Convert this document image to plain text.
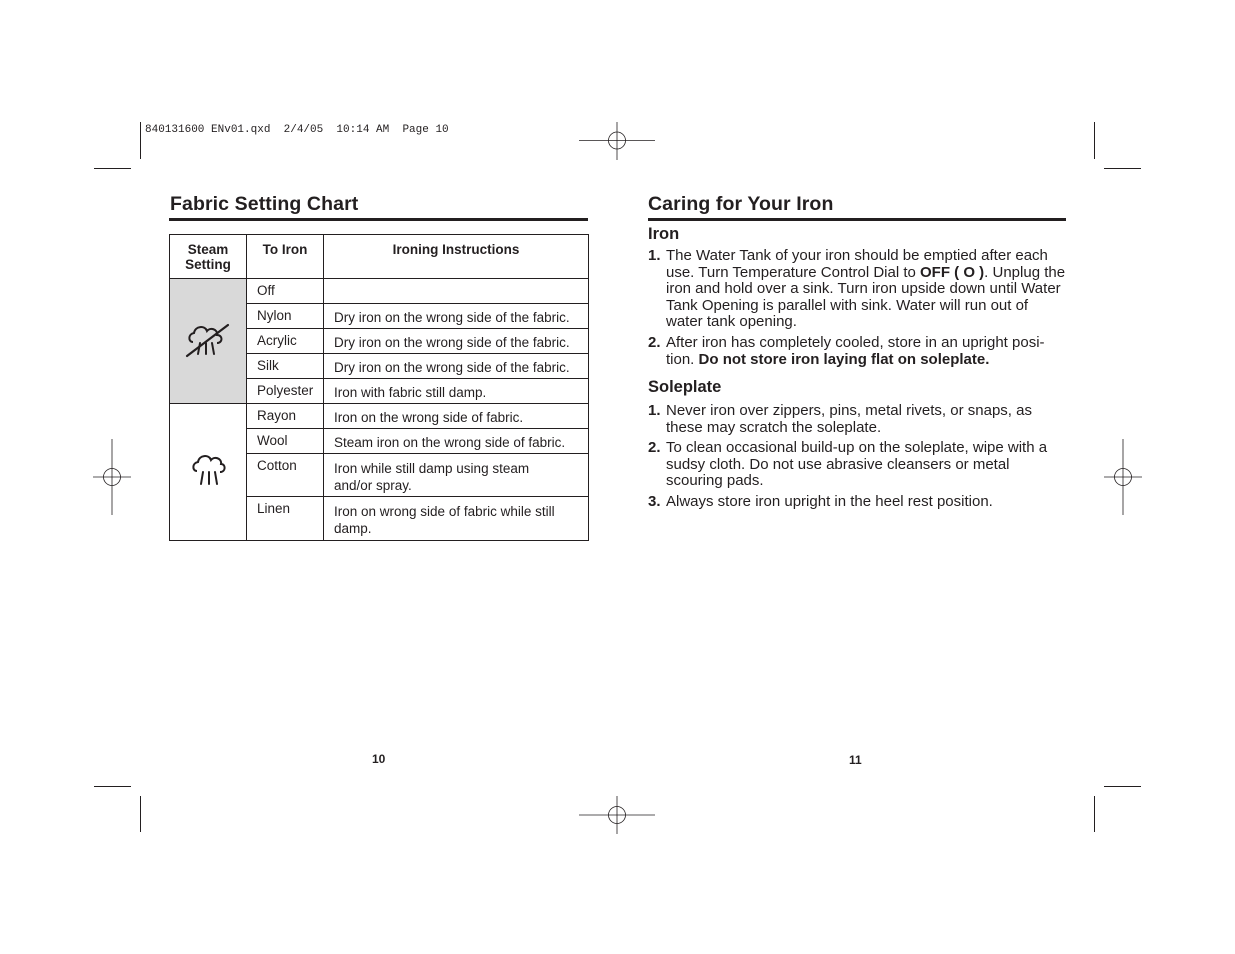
840131600 ENv01.qxd  2/4/05  10:14 AM  Page 10
Fabric Setting Chart
Steam Setting	To Iron	Ironing Instructions
	Off	
	Nylon	Dry iron on the wrong side of the fabric.
	Acrylic	Dry iron on the wrong side of the fabric.
	Silk	Dry iron on the wrong side of the fabric.
	Polyester	Iron with fabric still damp.
	Rayon	Iron on the wrong side of fabric.
	Wool	Steam iron on the wrong side of fabric.
	Cotton	Iron while still damp using steam and/or spray.
	Linen	Iron on wrong side of fabric while still damp.
10
Caring for Your Iron
Iron
1. The Water Tank of your iron should be emptied after each use. Turn Temperature Control Dial to OFF ( O ). Unplug the iron and hold over a sink. Turn iron upside down until Water Tank Opening is parallel with sink. Water will run out of water tank opening.
2. After iron has completely cooled, store in an upright posi-tion. Do not store iron laying flat on soleplate.
Soleplate
1. Never iron over zippers, pins, metal rivets, or snaps, as these may scratch the soleplate.
2. To clean occasional build-up on the soleplate, wipe with a sudsy cloth. Do not use abrasive cleansers or metal scouring pads.
3. Always store iron upright in the heel rest position.
11
